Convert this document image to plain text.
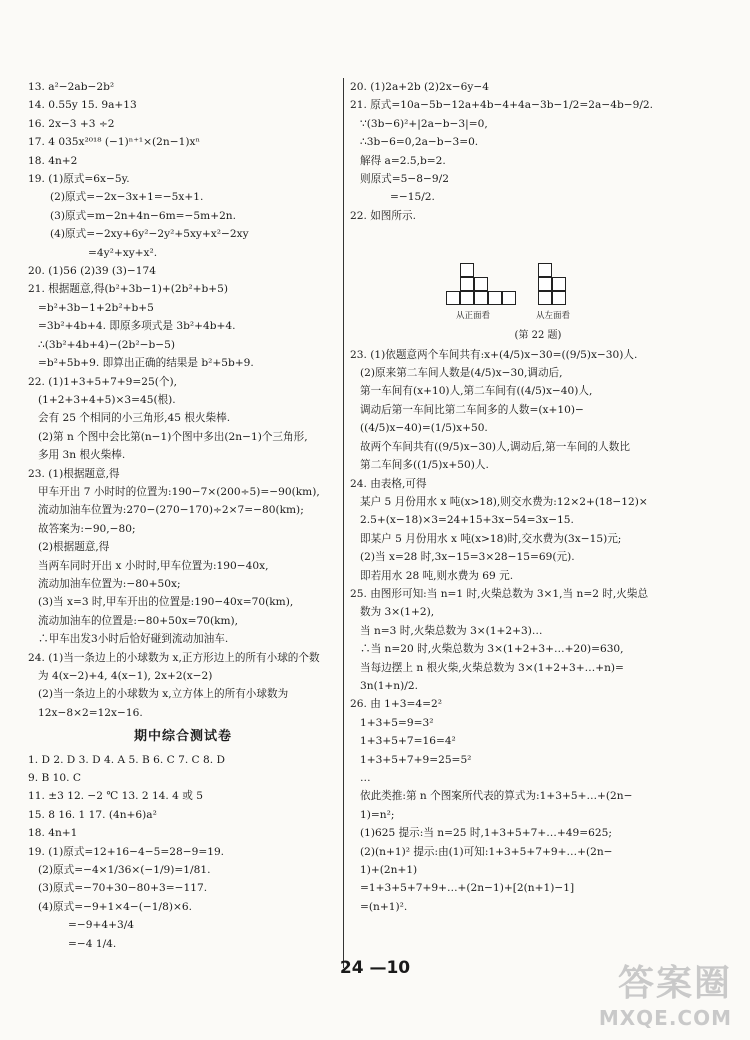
13. a²−2ab−2b²
14. 0.55y 15. 9a+13
16. 2x−3 +3 ÷2
17. 4 035x²⁰¹⁸ (−1)ⁿ⁺¹×(2n−1)xⁿ
18. 4n+2
19. (1)原式=6x−5y.
(2)原式=−2x−3x+1=−5x+1.
(3)原式=m−2n+4n−6m=−5m+2n.
(4)原式=−2xy+6y²−2y²+5xy+x²−2xy
=4y²+xy+x².
20. (1)56 (2)39 (3)−174
21. 根据题意,得(b²+3b−1)+(2b²+b+5)
=b²+3b−1+2b²+b+5
=3b²+4b+4. 即原多项式是 3b²+4b+4.
∴(3b²+4b+4)−(2b²−b−5)
=b²+5b+9. 即算出正确的结果是 b²+5b+9.
22. (1)1+3+5+7+9=25(个),
(1+2+3+4+5)×3=45(根).
会有 25 个相同的小三角形,45 根火柴棒.
(2)第 n 个图中会比第(n−1)个图中多出(2n−1)个三角形,
多用 3n 根火柴棒.
23. (1)根据题意,得
甲车开出 7 小时时的位置为:190−7×(200÷5)=−90(km),
流动加油车位置为:270−(270−170)÷2×7=−80(km);
故答案为:−90,−80;
(2)根据题意,得
当两车同时开出 x 小时时,甲车位置为:190−40x,
流动加油车位置为:−80+50x;
(3)当 x=3 时,甲车开出的位置是:190−40x=70(km),
流动加油车的位置是:−80+50x=70(km),
∴甲车出发3小时后恰好碰到流动加油车.
24. (1)当一条边上的小球数为 x,正方形边上的所有小球的个数
为 4(x−2)+4, 4(x−1), 2x+2(x−2)
(2)当一条边上的小球数为 x,立方体上的所有小球数为
12x−8×2=12x−16.
期中综合测试卷
1. D 2. D 3. D 4. A 5. B 6. C 7. C 8. D
9. B 10. C
11. ±3 12. −2 ℃ 13. 2 14. 4 或 5
15. 8 16. 1 17. (4n+6)a²
18. 4n+1
19. (1)原式=12+16−4−5=28−9=19.
(2)原式=−4×1/36×(−1/9)=1/81.
(3)原式=−70+30−80+3=−117.
(4)原式=−9+1×4−(−1/8)×6.
=−9+4+3/4
=−4 1/4.
20. (1)2a+2b (2)2x−6y−4
21. 原式=10a−5b−12a+4b−4+4a−3b−1/2=2a−4b−9/2.
∵(3b−6)²+|2a−b−3|=0,
∴3b−6=0,2a−b−3=0.
解得 a=2.5,b=2.
则原式=5−8−9/2
=−15/2.
22. 如图所示.
从正面看	从左面看
(第 22 题)
23. (1)依题意两个车间共有:x+(4/5)x−30=((9/5)x−30)人.
(2)原来第二车间人数是(4/5)x−30,调动后,
第一车间有(x+10)人,第二车间有((4/5)x−40)人,
调动后第一车间比第二车间多的人数=(x+10)−
((4/5)x−40)=(1/5)x+50.
故两个车间共有((9/5)x−30)人,调动后,第一车间的人数比
第二车间多((1/5)x+50)人.
24. 由表格,可得
某户 5 月份用水 x 吨(x>18),则交水费为:12×2+(18−12)×
2.5+(x−18)×3=24+15+3x−54=3x−15.
即某户 5 月份用水 x 吨(x>18)时,交水费为(3x−15)元;
(2)当 x=28 时,3x−15=3×28−15=69(元).
即若用水 28 吨,则水费为 69 元.
25. 由图形可知:当 n=1 时,火柴总数为 3×1,当 n=2 时,火柴总
数为 3×(1+2),
当 n=3 时,火柴总数为 3×(1+2+3)…
∴当 n=20 时,火柴总数为 3×(1+2+3+…+20)=630,
当每边摆上 n 根火柴,火柴总数为 3×(1+2+3+…+n)=
3n(1+n)/2.
26. 由 1+3=4=2²
1+3+5=9=3²
1+3+5+7=16=4²
1+3+5+7+9=25=5²
…
依此类推:第 n 个图案所代表的算式为:1+3+5+…+(2n−
1)=n²;
(1)625 提示:当 n=25 时,1+3+5+7+…+49=625;
(2)(n+1)² 提示:由(1)可知:1+3+5+7+9+…+(2n−
1)+(2n+1)
=1+3+5+7+9+…+(2n−1)+[2(n+1)−1]
=(n+1)².
24 —10	答案圈
MXQE.COM
